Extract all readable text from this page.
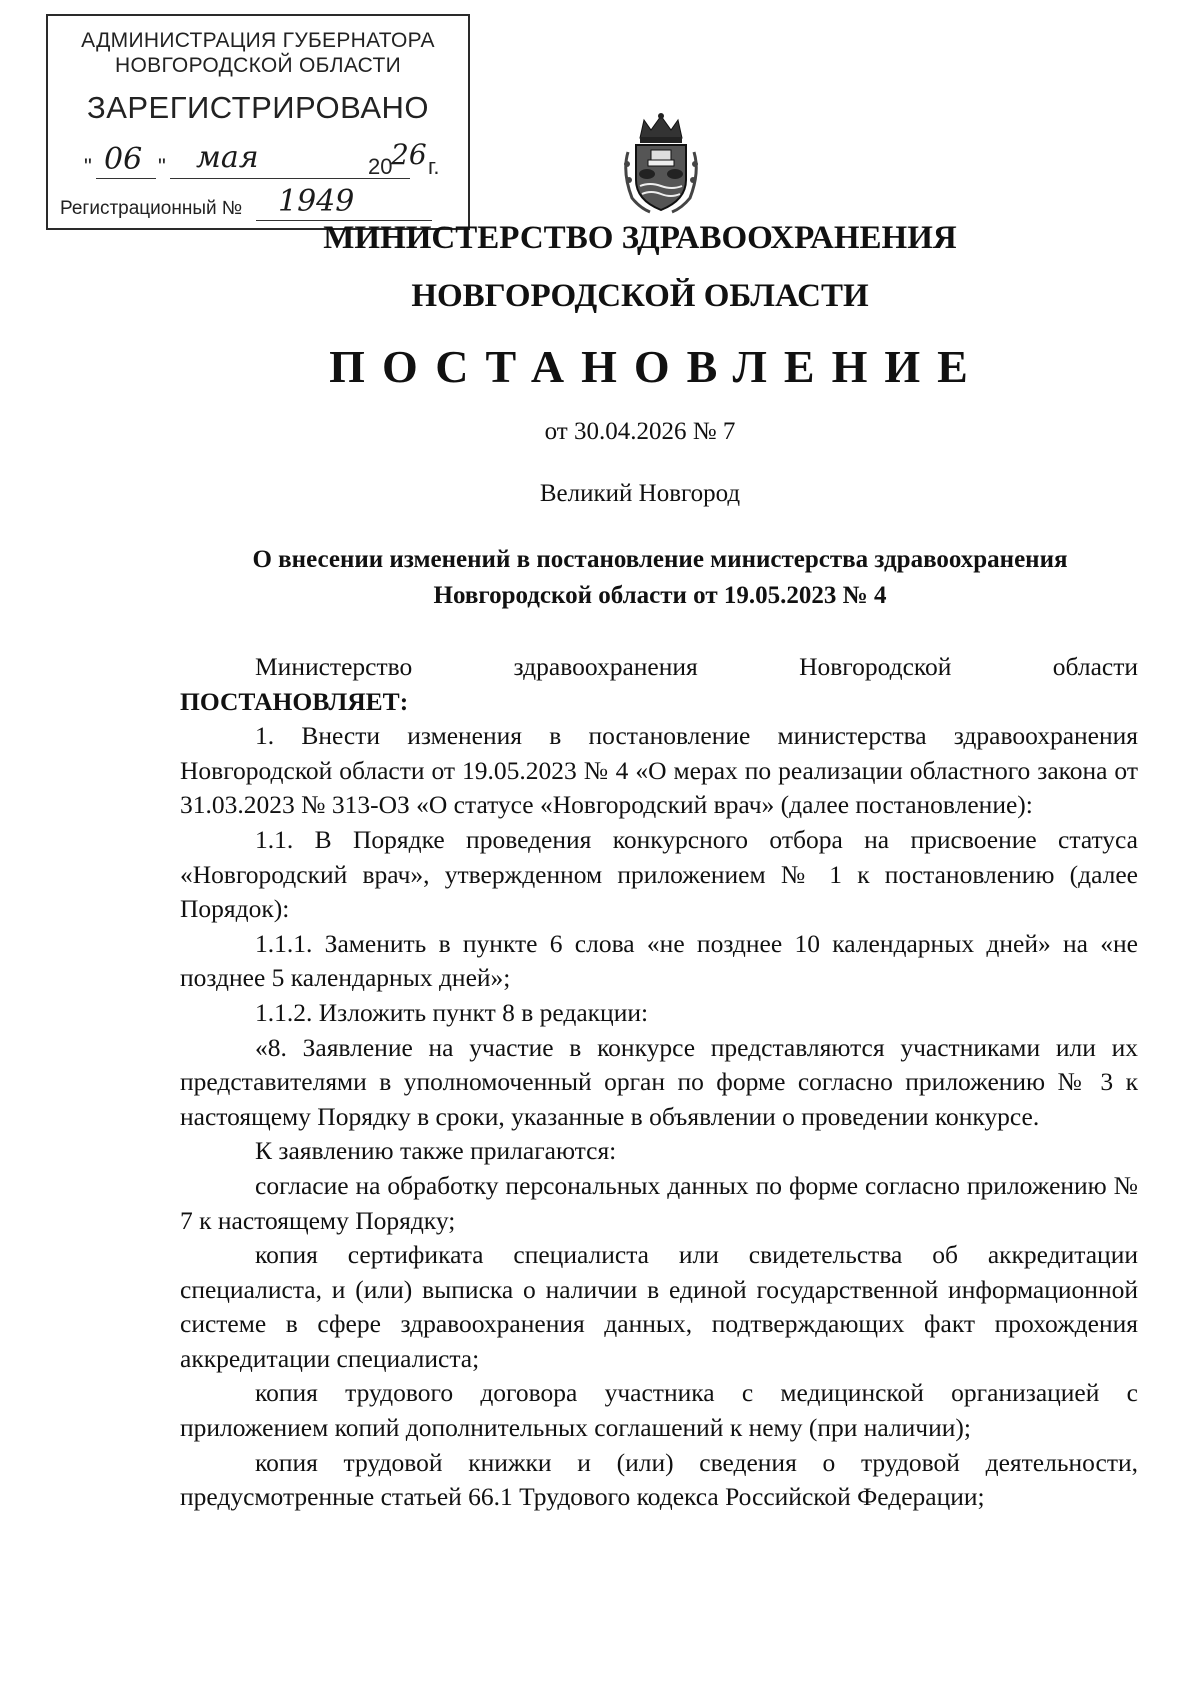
АДМИНИСТРАЦИЯ ГУБЕРНАТОРА
НОВГОРОДСКОЙ ОБЛАСТИ
ЗАРЕГИСТРИРОВАНО
" 06 " мая	20
26 г.
Регистрационный № 1949
МИНИСТЕРСТВО ЗДРАВООХРАНЕНИЯ
НОВГОРОДСКОЙ ОБЛАСТИ
ПОСТАНОВЛЕНИЕ
от 30.04.2026 № 7
Великий Новгород
О внесении изменений в постановление министерства здравоохранения
Новгородской области от 19.05.2023 № 4

Министерство здравоохранения Новгородской области

ПОСТАНОВЛЯЕТ:

1. Внести изменения в постановление министерства здравоохранения Новгородской области от 19.05.2023 № 4 «О мерах по реализации областного закона от 31.03.2023 № 313-ОЗ «О статусе «Новгородский врач» (далее постановление):

1.1. В Порядке проведения конкурсного отбора на присвоение статуса «Новгородский врач», утвержденном приложением № 1 к постановлению (далее Порядок):

1.1.1. Заменить в пункте 6 слова «не позднее 10 календарных дней» на «не позднее 5 календарных дней»;

1.1.2. Изложить пункт 8 в редакции:

«8. Заявление на участие в конкурсе представляются участниками или их представителями в уполномоченный орган по форме согласно приложению № 3 к настоящему Порядку в сроки, указанные в объявлении о проведении конкурсе.

К заявлению также прилагаются:

согласие на обработку персональных данных по форме согласно приложению № 7 к настоящему Порядку;

копия сертификата специалиста или свидетельства об аккредитации специалиста, и (или) выписка о наличии в единой государственной информационной системе в сфере здравоохранения данных, подтверждающих факт прохождения аккредитации специалиста;

копия трудового договора участника с медицинской организацией с приложением копий дополнительных соглашений к нему (при наличии);

копия трудовой книжки и (или) сведения о трудовой деятельности, предусмотренные статьей 66.1 Трудового кодекса Российской Федерации;
